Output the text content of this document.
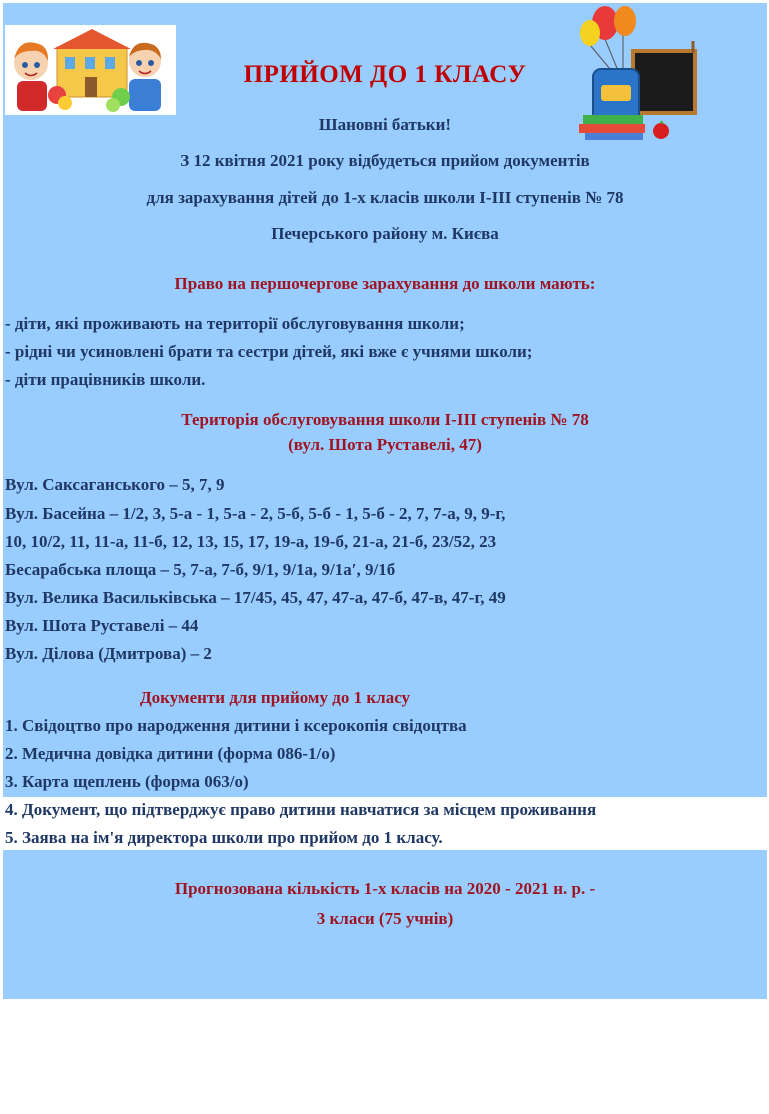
ПРИЙОМ ДО 1 КЛАСУ
Шановні батьки!
З 12 квітня 2021 року відбудеться прийом документів
для зарахування дітей до 1-х класів школи І-ІІІ ступенів № 78
Печерського району м. Києва
Право на першочергове зарахування до школи мають:
- діти, які проживають на території обслуговування школи;
- рідні чи усиновлені брати та сестри дітей, які вже є учнями школи;
- діти працівників школи.
Територія обслуговування школи І-ІІІ ступенів № 78
(вул. Шота Руставелі, 47)
Вул. Саксаганського – 5, 7, 9
Вул. Басейна – 1/2, 3, 5-а - 1, 5-а - 2, 5-б, 5-б - 1, 5-б - 2, 7, 7-а, 9, 9-г,
10, 10/2, 11, 11-а, 11-б, 12, 13, 15, 17, 19-а, 19-б, 21-а, 21-б, 23/52, 23
Бесарабська площа – 5, 7-а, 7-б, 9/1, 9/1а, 9/1а′, 9/1б
Вул. Велика Васильківська – 17/45, 45, 47, 47-а, 47-б, 47-в, 47-г, 49
Вул. Шота Руставелі – 44
Вул. Ділова (Дмитрова) – 2
Документи для прийому до 1 класу
1. Свідоцтво про народження дитини і ксерокопія свідоцтва
2. Медична довідка дитини (форма 086-1/о)
3. Карта щеплень (форма 063/о)
4. Документ, що підтверджує право дитини навчатися за місцем проживання
5. Заява на ім'я директора школи про прийом до 1 класу.
Прогнозована кількість 1-х класів на 2020 - 2021 н. р. -
3 класи (75 учнів)
